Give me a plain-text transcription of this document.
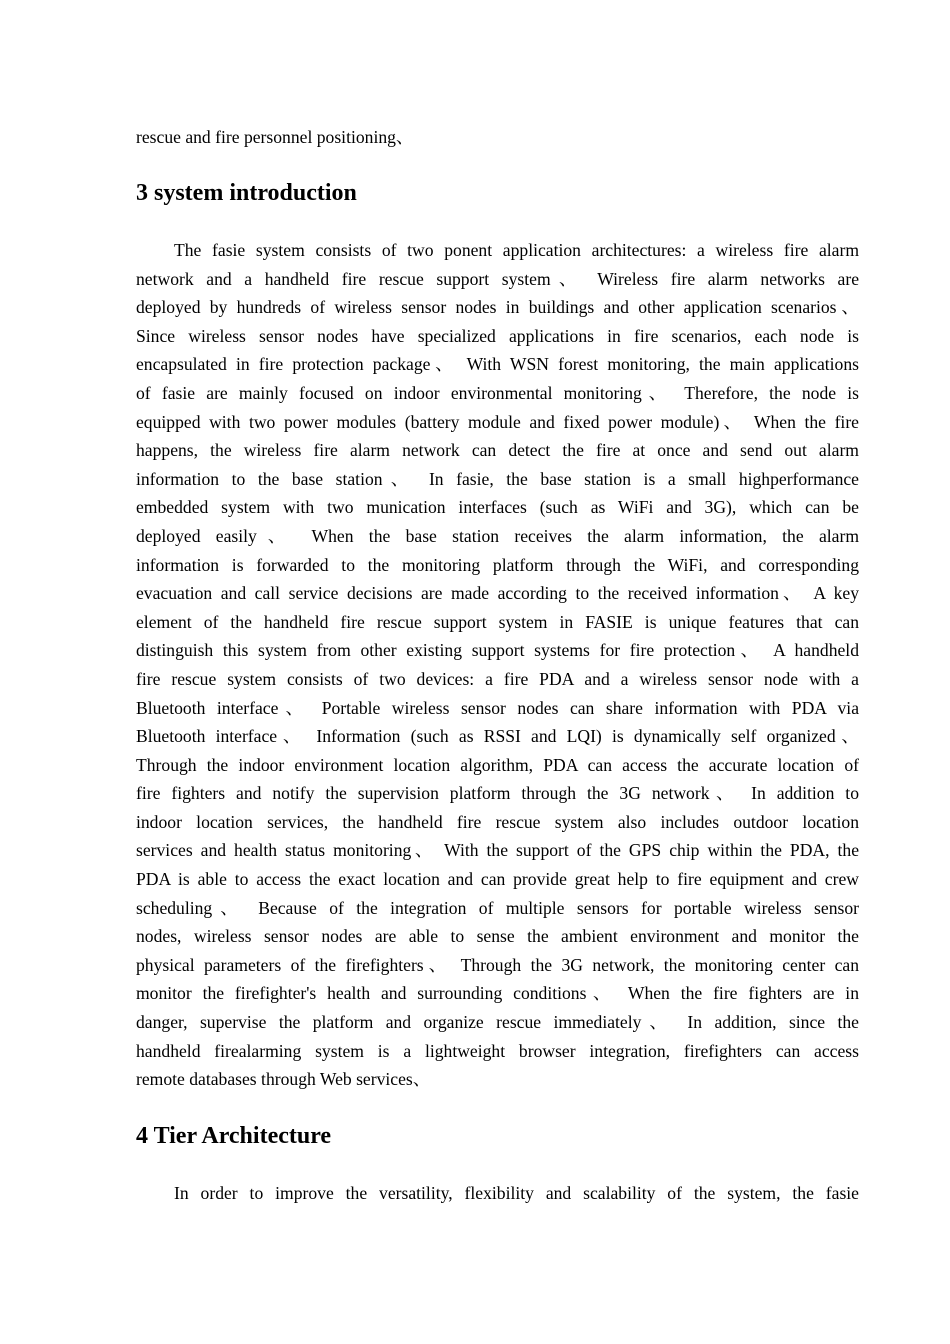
rescue and fire personnel positioning、
3 system introduction
The fasie system consists of two ponent application architectures: a wireless fire alarm
network and a handheld fire rescue support system、 Wireless fire alarm networks are
deployed by hundreds of wireless sensor nodes in buildings and other application scenarios、
Since wireless sensor nodes have specialized applications in fire scenarios, each node is
encapsulated in fire protection package、 With WSN forest monitoring, the main applications
of fasie are mainly focused on indoor environmental monitoring、 Therefore, the node is
equipped with two power modules (battery module and fixed power module)、 When the fire
happens, the wireless fire alarm network can detect the fire at once and send out alarm
information to the base station、 In fasie, the base station is a small highperformance
embedded system with two munication interfaces (such as WiFi and 3G), which can be
deployed easily、 When the base station receives the alarm information, the alarm
information is forwarded to the monitoring platform through the WiFi, and corresponding
evacuation and call service decisions are made according to the received information、 A key
element of the handheld fire rescue support system in FASIE is unique features that can
distinguish this system from other existing support systems for fire protection、 A handheld
fire rescue system consists of two devices: a fire PDA and a wireless sensor node with a
Bluetooth interface、 Portable wireless sensor nodes can share information with PDA via
Bluetooth interface、 Information (such as RSSI and LQI) is dynamically self organized、
Through the indoor environment location algorithm, PDA can access the accurate location of
fire fighters and notify the supervision platform through the 3G network、 In addition to
indoor location services, the handheld fire rescue system also includes outdoor location
services and health status monitoring、 With the support of the GPS chip within the PDA, the
PDA is able to access the exact location and can provide great help to fire equipment and crew
scheduling、 Because of the integration of multiple sensors for portable wireless sensor
nodes, wireless sensor nodes are able to sense the ambient environment and monitor the
physical parameters of the firefighters、 Through the 3G network, the monitoring center can
monitor the firefighter's health and surrounding conditions、 When the fire fighters are in
danger, supervise the platform and organize rescue immediately、 In addition, since the
handheld firealarming system is a lightweight browser integration, firefighters can access
remote databases through Web services、
4 Tier Architecture
In order to improve the versatility, flexibility and scalability of the system, the fasie
